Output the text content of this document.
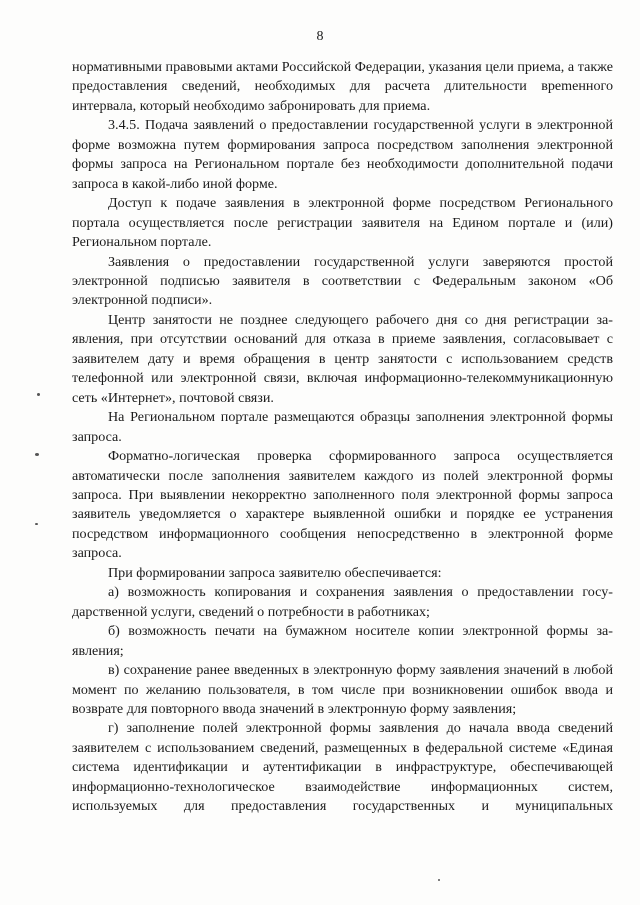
8

нормативными правовыми актами Российской Федерации, указания цели приема, а также предоставления сведений, необходимых для расчета длительности вреmенного интервала, который необходимо забронировать для приема.

3.4.5. Подача заявлений о предоставлении государственной услуги в электронной форме возможна путем формирования запроса посредством заполнения электронной формы запроса на Региональном портале без необходимости дополнительной подачи запроса в какой-либо иной форме.

Доступ к подаче заявления в электронной форме посредством Регионального портала осуществляется после регистрации заявителя на Едином портале и (или) Региональном портале.

Заявления о предоставлении государственной услуги заверяются простой электронной подписью заявителя в соответствии с Федеральным законом «Об электронной подписи».

Центр занятости не позднее следующего рабочего дня со дня регистрации заявления, при отсутствии оснований для отказа в приеме заявления, согласовывает с заявителем дату и время обращения в центр занятости с использованием средств телефонной или электронной связи, включая информационно-телекоммуникационную сеть «Интернет», почтовой связи.

На Региональном портале размещаются образцы заполнения электронной формы запроса.

Форматно-логическая проверка сформированного запроса осуществляется автоматически после заполнения заявителем каждого из полей электронной формы запроса. При выявлении некорректно заполненного поля электронной формы запроса заявитель уведомляется о характере выявленной ошибки и порядке ее устранения посредством информационного сообщения непосредственно в электронной форме запроса.

При формировании запроса заявителю обеспечивается:

а) возможность копирования и сохранения заявления о предоставлении государственной услуги, сведений о потребности в работниках;

б) возможность печати на бумажном носителе копии электронной формы заявления;

в) сохранение ранее введенных в электронную форму заявления значений в любой момент по желанию пользователя, в том числе при возникновении ошибок ввода и возврате для повторного ввода значений в электронную форму заявления;

г) заполнение полей электронной формы заявления до начала ввода сведений заявителем с использованием сведений, размещенных в федеральной системе «Единая система идентификации и аутентификации в инфраструктуре, обеспечивающей информационно-технологическое взаимодействие информационных систем, используемых для предоставления государственных и муниципальных
